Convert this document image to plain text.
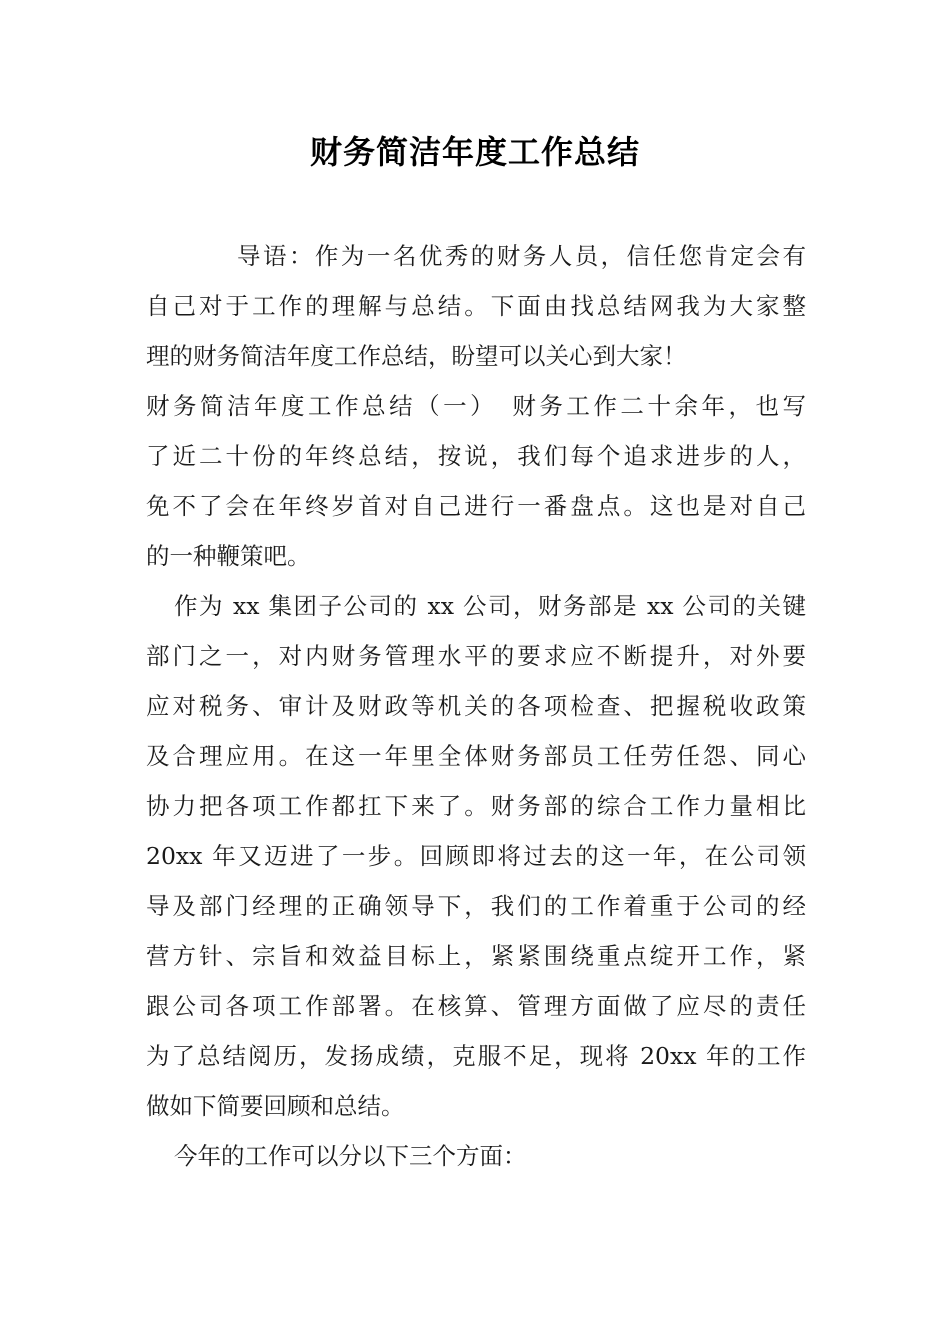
财务简洁年度工作总结
导语：作为一名优秀的财务人员，信任您肯定会有
自己对于工作的理解与总结。下面由找总结网我为大家整
理的财务简洁年度工作总结，盼望可以关心到大家！
财务简洁年度工作总结（一）　财务工作二十余年，也写
了近二十份的年终总结，按说，我们每个追求进步的人，
免不了会在年终岁首对自己进行一番盘点。这也是对自己
的一种鞭策吧。
作为 xx 集团子公司的 xx 公司，财务部是 xx 公司的关键
部门之一，对内财务管理水平的要求应不断提升，对外要
应对税务、审计及财政等机关的各项检查、把握税收政策
及合理应用。在这一年里全体财务部员工任劳任怨、同心
协力把各项工作都扛下来了。财务部的综合工作力量相比
20xx 年又迈进了一步。回顾即将过去的这一年，在公司领
导及部门经理的正确领导下，我们的工作着重于公司的经
营方针、宗旨和效益目标上，紧紧围绕重点绽开工作，紧
跟公司各项工作部署。在核算、管理方面做了应尽的责任
为了总结阅历，发扬成绩，克服不足，现将 20xx 年的工作
做如下简要回顾和总结。
今年的工作可以分以下三个方面：
